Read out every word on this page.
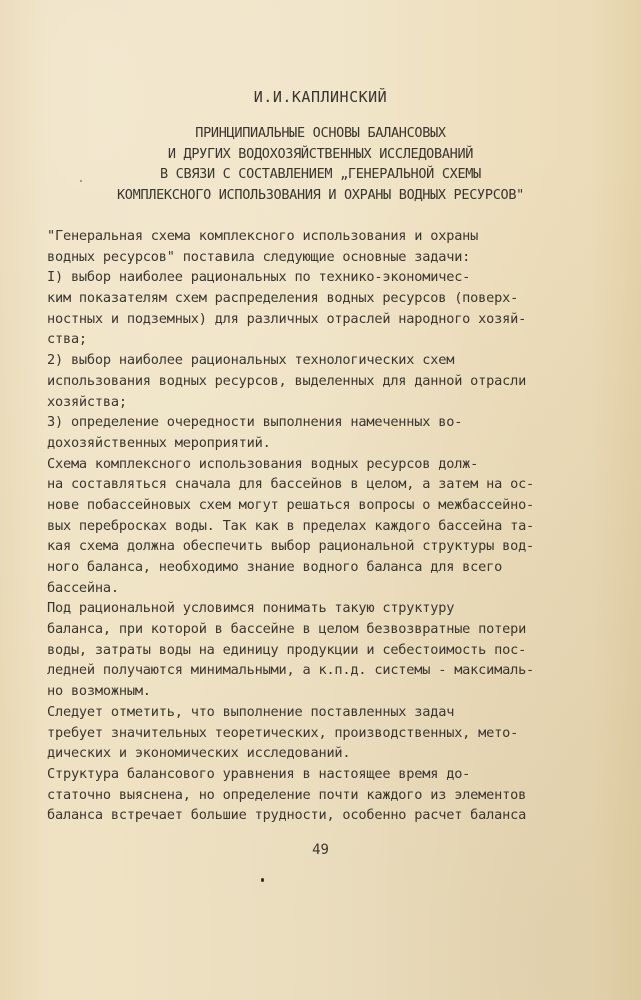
И.И.КАПЛИНСКИЙ
ПРИНЦИПИАЛЬНЫЕ ОСНОВЫ БАЛАНСОВЫХ
И ДРУГИХ ВОДОХОЗЯЙСТВЕННЫХ ИССЛЕДОВАНИЙ
В СВЯЗИ С СОСТАВЛЕНИЕМ „ГЕНЕРАЛЬНОЙ СХЕМЫ
КОМПЛЕКСНОГО ИСПОЛЬЗОВАНИЯ И ОХРАНЫ ВОДНЫХ РЕСУРСОВ"
"Генеральная схема комплексного использования и охраны
водных ресурсов" поставила следующие основные задачи:
I) выбор наиболее рациональных по технико-экономичес-
ким показателям схем распределения водных ресурсов (поверх-
ностных и подземных) для различных отраслей народного хозяй-
ства;
2) выбор наиболее рациональных технологических схем
использования водных ресурсов, выделенных для данной отрасли
хозяйства;
3) определение очередности выполнения намеченных во-
дохозяйственных мероприятий.
Схема комплексного использования водных ресурсов долж-
на составляться сначала для бассейнов в целом, а затем на ос-
нове побассейновых схем могут решаться вопросы о межбассейно-
вых перебросках воды. Так как в пределах каждого бассейна та-
кая схема должна обеспечить выбор рациональной структуры вод-
ного баланса, необходимо знание водного баланса для всего
бассейна.
Под рациональной условимся понимать такую структуру
баланса, при которой в бассейне в целом безвозвратные потери
воды, затраты воды на единицу продукции и себестоимость пос-
ледней получаются минимальными, а к.п.д. системы - максималь-
но возможным.
Следует отметить, что выполнение поставленных задач
требует значительных теоретических, производственных, мето-
дических и экономических исследований.
Структура балансового уравнения в настоящее время до-
статочно выяснена, но определение почти каждого из элементов
баланса встречает большие трудности, особенно расчет баланса
49
